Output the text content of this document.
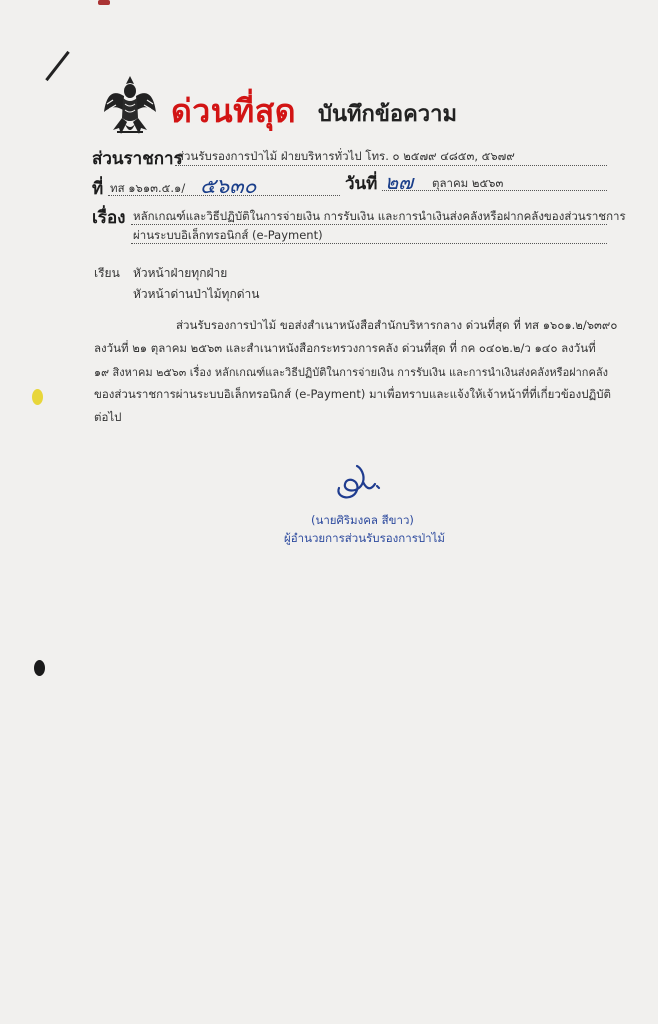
ด่วนที่สุด บันทึกข้อความ
ส่วนราชการ
ส่วนรับรองการป่าไม้ ฝ่ายบริหารทั่วไป โทร. ๐ ๒๕๗๙ ๔๘๕๓, ๕๖๗๙
ที่ ทส ๑๖๑๓.๕.๑/ ๕๖๓๐	วันที่ ๒๗ ตุลาคม ๒๕๖๓
เรื่อง หลักเกณฑ์และวิธีปฏิบัติในการจ่ายเงิน การรับเงิน และการนำเงินส่งคลังหรือฝากคลังของส่วนราชการ
ผ่านระบบอิเล็กทรอนิกส์ (e-Payment)
เรียน หัวหน้าฝ่ายทุกฝ่าย
หัวหน้าด่านป่าไม้ทุกด่าน
ส่วนรับรองการป่าไม้ ขอส่งสำเนาหนังสือสำนักบริหารกลาง ด่วนที่สุด ที่ ทส ๑๖๐๑.๒/๖๓๙๐
ลงวันที่ ๒๑ ตุลาคม ๒๕๖๓ และสำเนาหนังสือกระทรวงการคลัง ด่วนที่สุด ที่ กค ๐๔๐๒.๒/ว ๑๔๐ ลงวันที่
๑๙ สิงหาคม ๒๕๖๓ เรื่อง หลักเกณฑ์และวิธีปฏิบัติในการจ่ายเงิน การรับเงิน และการนำเงินส่งคลังหรือฝากคลัง
ของส่วนราชการผ่านระบบอิเล็กทรอนิกส์ (e-Payment) มาเพื่อทราบและแจ้งให้เจ้าหน้าที่ที่เกี่ยวข้องปฏิบัติ
ต่อไป
(นายศิริมงคล สีขาว)
ผู้อำนวยการส่วนรับรองการป่าไม้
